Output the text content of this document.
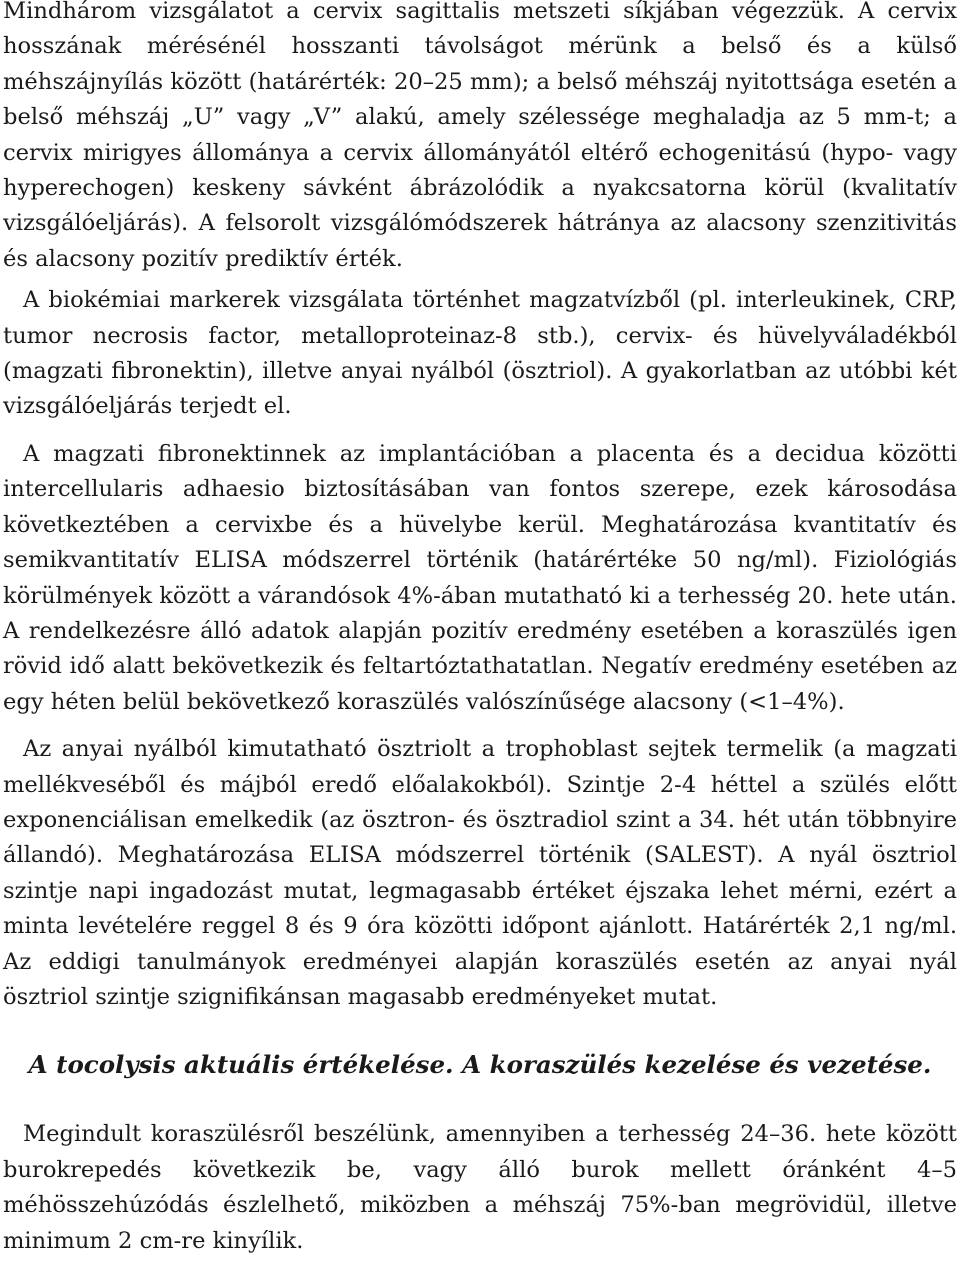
Mindhárom vizsgálatot a cervix sagittalis metszeti síkjában végezzük. A cervix hosszának mérésénél hosszanti távolságot mérünk a belső és a külső méhszájnyílás között (határérték: 20–25 mm); a belső méhszáj nyitottsága esetén a belső méhszáj „U” vagy „V” alakú, amely szélessége meghaladja az 5 mm-t; a cervix mirigyes állománya a cervix állományától eltérő echogenitású (hypo- vagy hyperechogen) keskeny sávként ábrázolódik a nyakcsatorna körül (kvalitatív vizsgálóeljárás). A felsorolt vizsgálómódszerek hátránya az alacsony szenzitivitás és alacsony pozitív prediktív érték.

A biokémiai markerek vizsgálata történhet magzatvízből (pl. interleukinek, CRP, tumor necrosis factor, metalloproteinaz-8 stb.), cervix- és hüvelyváladékból (magzati fibronektin), illetve anyai nyálból (ösztriol). A gyakorlatban az utóbbi két vizsgálóeljárás terjedt el.

A magzati fibronektinnek az implantációban a placenta és a decidua közötti intercellularis adhaesio biztosításában van fontos szerepe, ezek károsodása következtében a cervixbe és a hüvelybe kerül. Meghatározása kvantitatív és semikvantitatív ELISA módszerrel történik (határértéke 50 ng/ml). Fiziológiás körülmények között a várandósok 4%-ában mutatható ki a terhesség 20. hete után. A rendelkezésre álló adatok alapján pozitív eredmény esetében a koraszülés igen rövid idő alatt bekövetkezik és feltartóztathatatlan. Negatív eredmény esetében az egy héten belül bekövetkező koraszülés valószínűsége alacsony (<1–4%).

Az anyai nyálból kimutatható ösztriolt a trophoblast sejtek termelik (a magzati mellékveséből és májból eredő előalakokból). Szintje 2-4 héttel a szülés előtt exponenciálisan emelkedik (az ösztron- és ösztradiol szint a 34. hét után többnyire állandó). Meghatározása ELISA módszerrel történik (SALEST). A nyál ösztriol szintje napi ingadozást mutat, legmagasabb értéket éjszaka lehet mérni, ezért a minta levételére reggel 8 és 9 óra közötti időpont ajánlott. Határérték 2,1 ng/ml. Az eddigi tanulmányok eredményei alapján koraszülés esetén az anyai nyál ösztriol szintje szignifikánsan magasabb eredményeket mutat.

A tocolysis aktuális értékelése. A koraszülés kezelése és vezetése.

Megindult koraszülésről beszélünk, amennyiben a terhesség 24–36. hete között burokrepedés következik be, vagy álló burok mellett óránként 4–5 méhösszehúzódás észlelhető, miközben a méhszáj 75%-ban megrövidül, illetve minimum 2 cm-re kinyílik.
